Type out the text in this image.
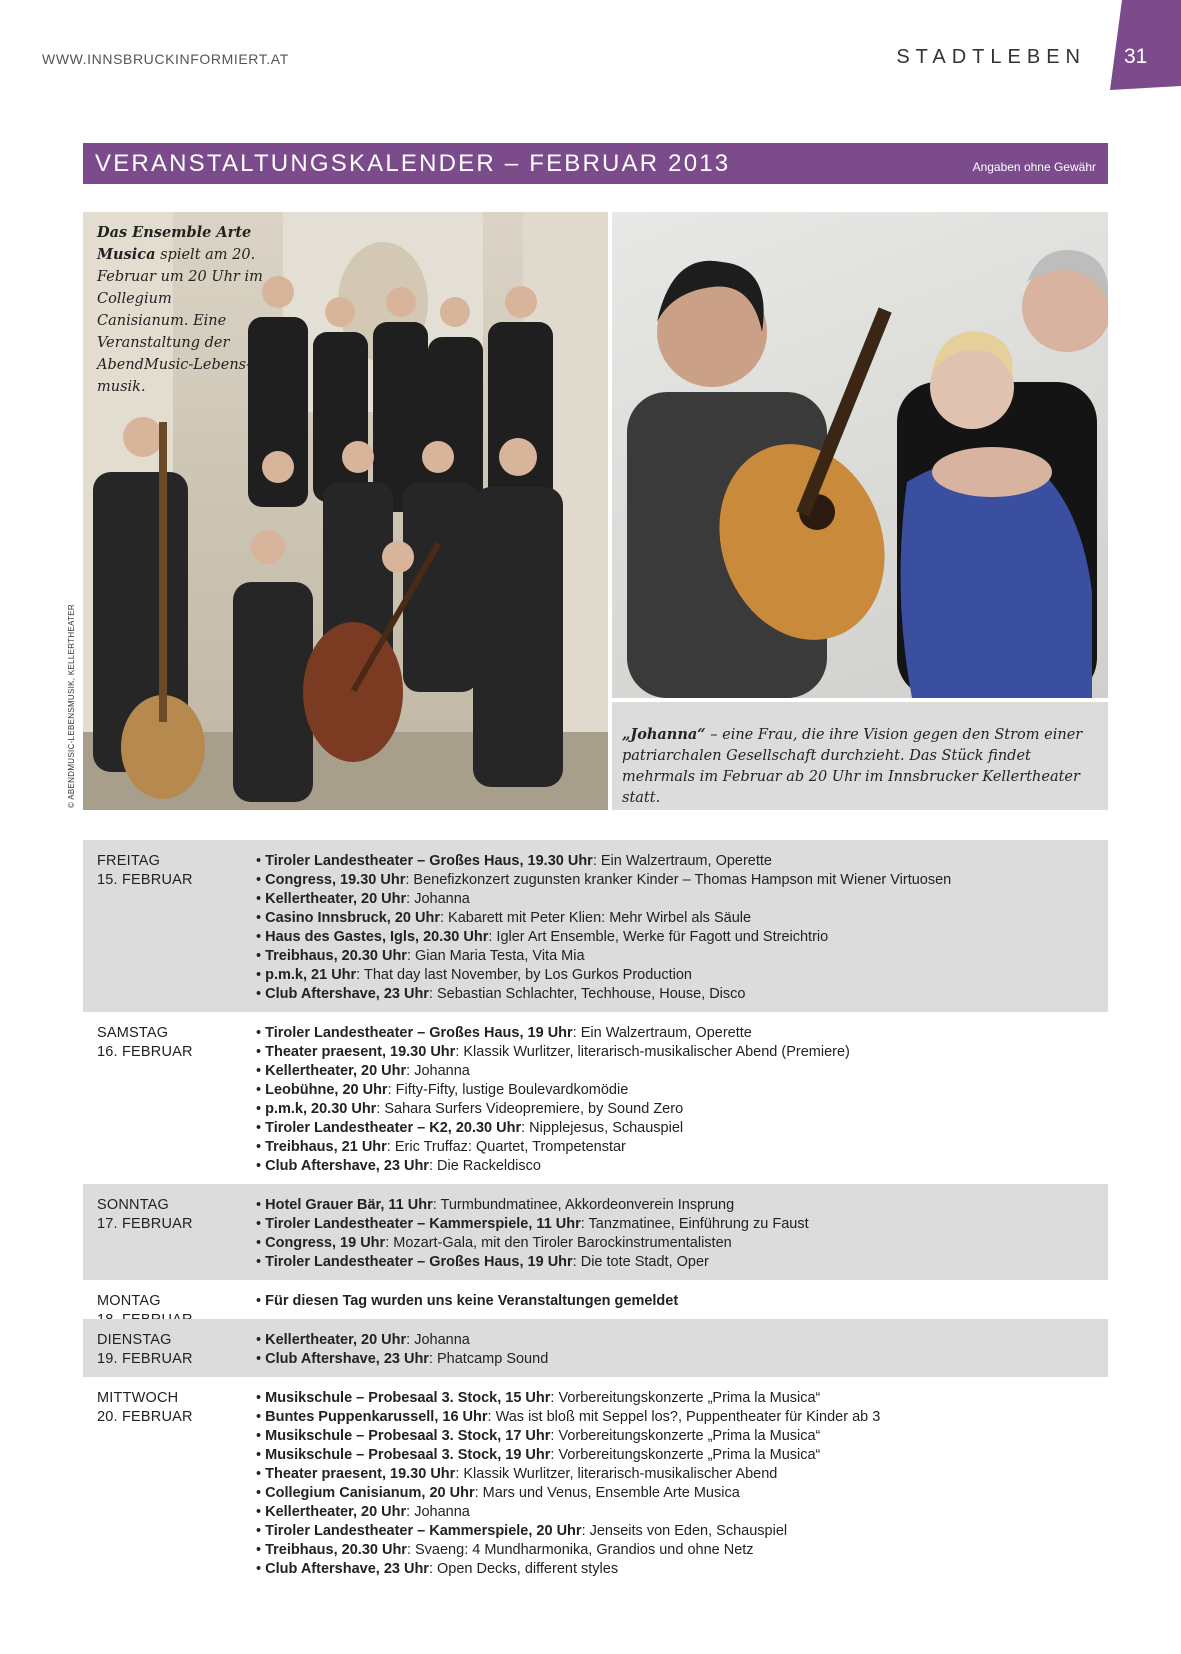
WWW.INNSBRUCKINFORMIERT.AT	STADTLEBEN 31
VERANSTALTUNGSKALENDER – FEBRUAR 2013	Angaben ohne Gewähr
© ABENDMUSIC-LEBENSMUSIK, KELLERTHEATER
Das Ensemble Arte Musica spielt am 20. Februar um 20 Uhr im Collegium Canisianum. Eine Veranstaltung der AbendMusic-Lebens-musik.
„Johanna“ – eine Frau, die ihre Vision gegen den Strom einer patriarchalen Gesellschaft durchzieht. Das Stück findet mehrmals im Februar ab 20 Uhr im Innsbrucker Kellertheater statt.
FREITAG
15. FEBRUAR
• Tiroler Landestheater – Großes Haus, 19.30 Uhr: Ein Walzertraum, Operette
• Congress, 19.30 Uhr: Benefizkonzert zugunsten kranker Kinder – Thomas Hampson mit Wiener Virtuosen
• Kellertheater, 20 Uhr: Johanna
• Casino Innsbruck, 20 Uhr: Kabarett mit Peter Klien: Mehr Wirbel als Säule
• Haus des Gastes, Igls, 20.30 Uhr: Igler Art Ensemble, Werke für Fagott und Streichtrio
• Treibhaus, 20.30 Uhr: Gian Maria Testa, Vita Mia
• p.m.k, 21 Uhr: That day last November, by Los Gurkos Production
• Club Aftershave, 23 Uhr: Sebastian Schlachter, Techhouse, House, Disco
SAMSTAG
16. FEBRUAR
• Tiroler Landestheater – Großes Haus, 19 Uhr: Ein Walzertraum, Operette
• Theater praesent, 19.30 Uhr: Klassik Wurlitzer, literarisch-musikalischer Abend (Premiere)
• Kellertheater, 20 Uhr: Johanna
• Leobühne, 20 Uhr: Fifty-Fifty, lustige Boulevardkomödie
• p.m.k, 20.30 Uhr: Sahara Surfers Videopremiere, by Sound Zero
• Tiroler Landestheater – K2, 20.30 Uhr: Nipplejesus, Schauspiel
• Treibhaus, 21 Uhr: Eric Truffaz: Quartet, Trompetenstar
• Club Aftershave, 23 Uhr: Die Rackeldisco
SONNTAG
17. FEBRUAR
• Hotel Grauer Bär, 11 Uhr: Turmbundmatinee, Akkordeonverein Insprung
• Tiroler Landestheater – Kammerspiele, 11 Uhr: Tanzmatinee, Einführung zu Faust
• Congress, 19 Uhr: Mozart-Gala, mit den Tiroler Barockinstrumentalisten
• Tiroler Landestheater – Großes Haus, 19 Uhr: Die tote Stadt, Oper
MONTAG
•	Für diesen Tag wurden uns keine Veranstaltungen gemeldet
DIENSTAG
19. FEBRUAR
• Kellertheater, 20 Uhr: Johanna
• Club Aftershave, 23 Uhr: Phatcamp Sound
MITTWOCH
20. FEBRUAR
• Musikschule – Probesaal 3. Stock, 15 Uhr: Vorbereitungskonzerte „Prima la Musica“
• Buntes Puppenkarussell, 16 Uhr: Was ist bloß mit Seppel los?, Puppentheater für Kinder ab 3
• Musikschule – Probesaal 3. Stock, 17 Uhr: Vorbereitungskonzerte „Prima la Musica“
• Musikschule – Probesaal 3. Stock, 19 Uhr: Vorbereitungskonzerte „Prima la Musica“
• Theater praesent, 19.30 Uhr: Klassik Wurlitzer, literarisch-musikalischer Abend
• Collegium Canisianum, 20 Uhr: Mars und Venus, Ensemble Arte Musica
• Kellertheater, 20 Uhr: Johanna
• Tiroler Landestheater – Kammerspiele, 20 Uhr: Jenseits von Eden, Schauspiel
• Treibhaus, 20.30 Uhr: Svaeng: 4 Mundharmonika, Grandios und ohne Netz
• Club Aftershave, 23 Uhr: Open Decks, different styles
